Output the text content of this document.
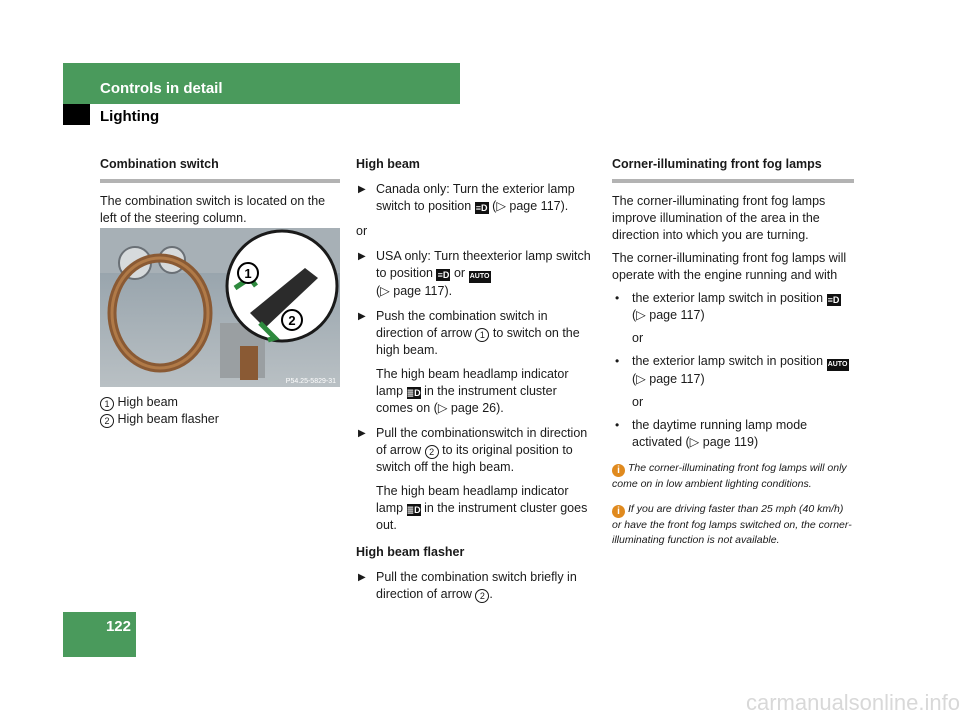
Controls in detail
Lighting

Combination switch

The combination switch is located on the left of the steering column.

1
2
P54.25-5829-31

1 High beam

2 High beam flasher

High beam

▶ Canada only: Turn the exterior lamp switch to position ≡D (▷ page 117).

or

▶ USA only: Turn theexterior lamp switch to position ≡D or AUTO
(▷ page 117).
▶ Push the combination switch in direction of arrow 1 to switch on the high beam.

The high beam headlamp indicator lamp ≣D in the instrument cluster comes on (▷ page 26).

▶ Pull the combinationswitch in direction of arrow 2 to its original position to switch off the high beam.

The high beam headlamp indicator lamp ≣D in the instrument cluster goes out.

High beam flasher

▶ Pull the combination switch briefly in direction of arrow 2 .

Corner-illuminating front fog lamps

The corner-illuminating front fog lamps improve illumination of the area in the direction into which you are turning.

The corner-illuminating front fog lamps will operate with the engine running and with

• the exterior lamp switch in position ≡D (▷ page 117)

or

• the exterior lamp switch in position AUTO (▷ page 117)

or

• the daytime running lamp mode activated (▷ page 119)

i The corner-illuminating front fog lamps will only come on in low ambient lighting conditions.

i If you are driving faster than 25 mph (40 km/h) or have the front fog lamps switched on, the corner-illuminating function is not available.

122
carmanualsonline.info
